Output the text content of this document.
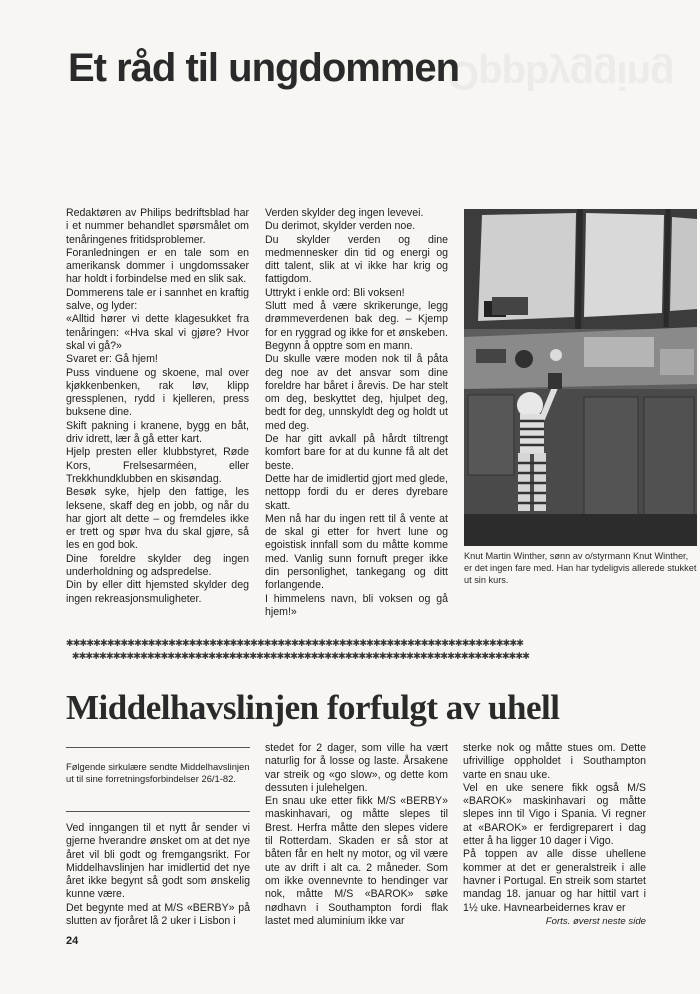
Oppbygging
Et råd til ungdommen

Redaktøren av Philips bedriftsblad har i et nummer behandlet spørsmålet om tenåringenes fritidsproblemer.

Foranledningen er en tale som en amerikansk dommer i ungdomssaker har holdt i forbindelse med en slik sak.

Dommerens tale er i sannhet en kraftig salve, og lyder:

«Alltid hører vi dette klagesukket fra tenåringen: «Hva skal vi gjøre? Hvor skal vi gå?»

Svaret er: Gå hjem!

Puss vinduene og skoene, mal over kjøkkenbenken, rak løv, klipp gressplenen, rydd i kjelleren, press buksene dine.

Skift pakning i kranene, bygg en båt, driv idrett, lær å gå etter kart.

Hjelp presten eller klubbstyret, Røde Kors, Frelsesarméen, eller Trekkhundklubben en skisøndag.

Besøk syke, hjelp den fattige, les leksene, skaff deg en jobb, og når du har gjort alt dette – og fremdeles ikke er trett og spør hva du skal gjøre, så les en god bok.

Dine foreldre skylder deg ingen underholdning og adspredelse.

Din by eller ditt hjemsted skylder deg ingen rekreasjonsmuligheter.

Verden skylder deg ingen levevei.

Du derimot, skylder verden noe.

Du skylder verden og dine medmennesker din tid og energi og ditt talent, slik at vi ikke har krig og fattigdom.

Uttrykt i enkle ord: Bli voksen!

Slutt med å være skrikerunge, legg drømmeverdenen bak deg. – Kjemp for en ryggrad og ikke for et ønskeben. Begynn å opptre som en mann.

Du skulle være moden nok til å påta deg noe av det ansvar som dine foreldre har båret i årevis. De har stelt om deg, beskyttet deg, hjulpet deg, bedt for deg, unnskyldt deg og holdt ut med deg.

De har gitt avkall på hårdt tiltrengt komfort bare for at du kunne få alt det beste.

Dette har de imidlertid gjort med glede, nettopp fordi du er deres dyrebare skatt.

Men nå har du ingen rett til å vente at de skal gi etter for hvert lune og egoistisk innfall som du måtte komme med. Vanlig sunn fornuft preger ikke din personlighet, tankegang og ditt forlangende.

I himmelens navn, bli voksen og gå hjem!»

Knut Martin Winther, sønn av o/styrmann Knut Winther, er det ingen fare med. Han har tydeligvis allerede stukket ut sin kurs.

✱✱✱✱✱✱✱✱✱✱✱✱✱✱✱✱✱✱✱✱✱✱✱✱✱✱✱✱✱✱✱✱✱✱✱✱✱✱✱✱✱✱✱✱✱✱✱✱✱✱✱✱✱✱✱✱✱✱✱✱✱✱✱✱✱✱✱
✱✱✱✱✱✱✱✱✱✱✱✱✱✱✱✱✱✱✱✱✱✱✱✱✱✱✱✱✱✱✱✱✱✱✱✱✱✱✱✱✱✱✱✱✱✱✱✱✱✱✱✱✱✱✱✱✱✱✱✱✱✱✱✱✱✱✱
Middelhavslinjen forfulgt av uhell

Følgende sirkulære sendte Middelhavslinjen ut til sine forretningsforbindelser 26/1-82.

Ved inngangen til et nytt år sender vi gjerne hverandre ønsket om at det nye året vil bli godt og fremgangsrikt. For Middelhavslinjen har imidlertid det nye året ikke begynt så godt som ønskelig kunne være.

Det begynte med at M/S «BERBY» på slutten av fjoråret lå 2 uker i Lisbon i

stedet for 2 dager, som ville ha vært naturlig for å losse og laste. Årsakene var streik og «go slow», og dette kom dessuten i julehelgen.

En snau uke etter fikk M/S «BERBY» maskinhavari, og måtte slepes til Brest. Herfra måtte den slepes videre til Rotterdam. Skaden er så stor at båten får en helt ny motor, og vil være ute av drift i alt ca. 2 måneder. Som om ikke ovennevnte to hendinger var nok, måtte M/S «BAROK» søke nødhavn i Southampton fordi flak lastet med aluminium ikke var

sterke nok og måtte stues om. Dette ufrivillige oppholdet i Southampton varte en snau uke.

Vel en uke senere fikk også M/S «BAROK» maskinhavari og måtte slepes inn til Vigo i Spania. Vi regner at «BAROK» er ferdigreparert i dag etter å ha ligger 10 dager i Vigo.

På toppen av alle disse uhellene kommer at det er generalstreik i alle havner i Portugal. En streik som startet mandag 18. januar og har hittil vart i 1½ uke. Havnearbeidernes krav er

Forts. øverst neste side

24
